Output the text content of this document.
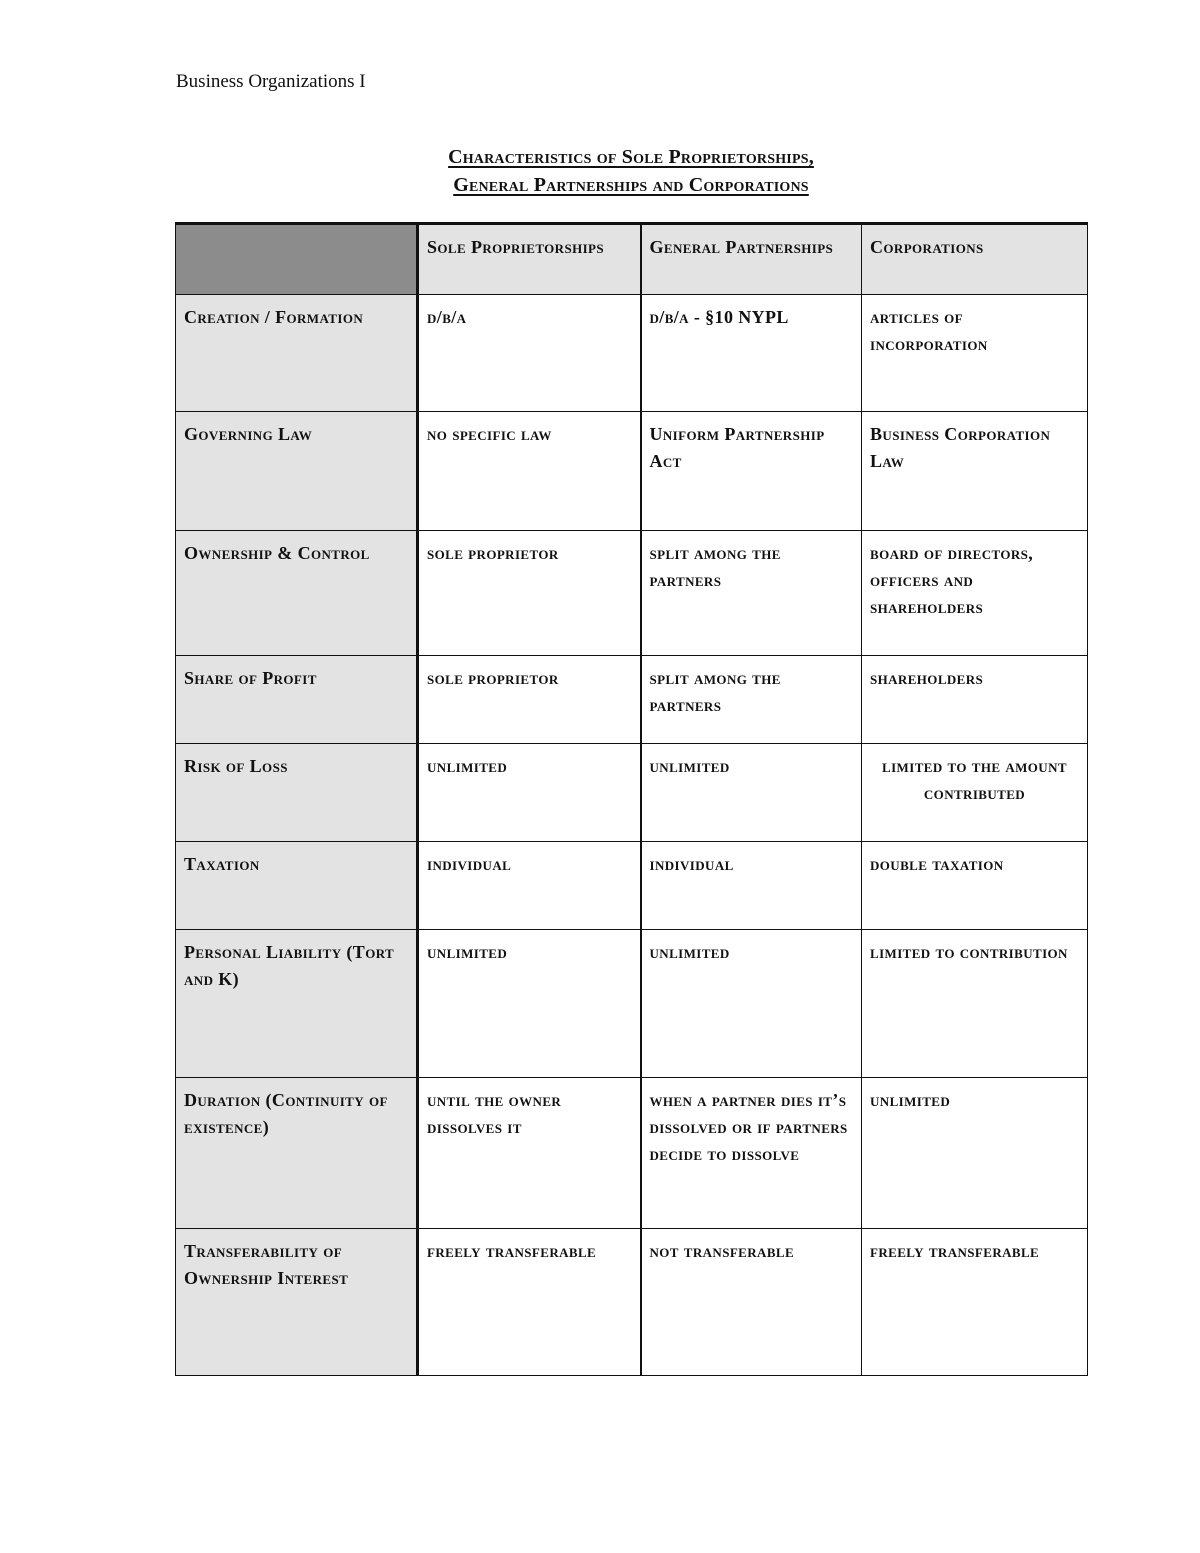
Business Organizations I
Characteristics of Sole Proprietorships,
General Partnerships and Corporations
	Sole Proprietorships	General Partnerships	Corporations
Creation / Formation	d/b/a	d/b/a - §10 NYPL	articles of incorporation
Governing Law	no specific law	Uniform Partnership Act	Business Corporation Law
Ownership & Control	sole proprietor	split among the partners	board of directors, officers and shareholders
Share of Profit	sole proprietor	split among the partners	shareholders
Risk of Loss	unlimited	unlimited	limited to the amount contributed
Taxation	individual	individual	double taxation
Personal Liability (Tort and K)	unlimited	unlimited	limited to contribution
Duration (Continuity of existence)	until the owner dissolves it	when a partner dies it’s dissolved or if partners decide to dissolve	unlimited
Transferability of Ownership Interest	freely transferable	not transferable	freely transferable
